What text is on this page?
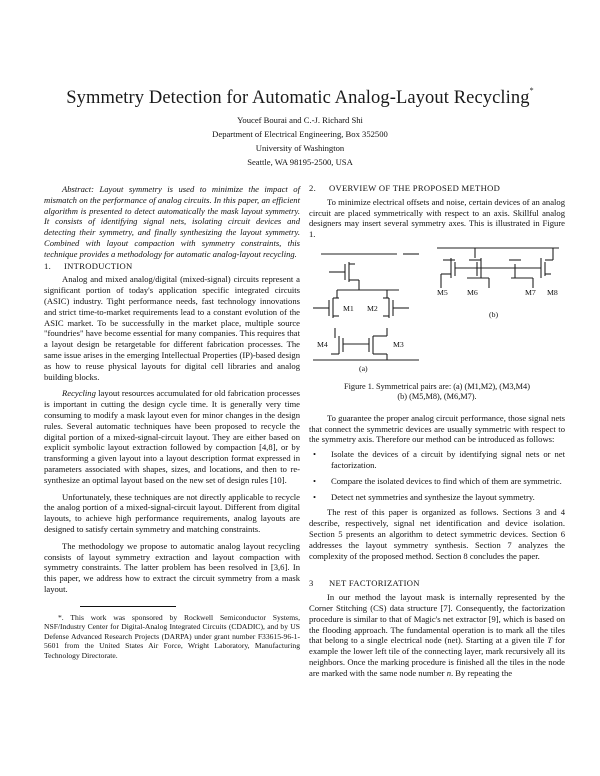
Symmetry Detection for Automatic Analog-Layout Recycling*
Youcef Bourai and C.-J. Richard Shi
Department of Electrical Engineering, Box 352500
University of Washington
Seattle, WA 98195-2500, USA

Abstract: Layout symmetry is used to minimize the impact of mismatch on the performance of analog circuits. In this paper, an efficient algorithm is presented to detect automatically the mask layout symmetry. It consists of identifying signal nets, isolating circuit devices and detecting their symmetry, and finally synthesizing the layout symmetry. Combined with layout compaction with symmetry constraints, this technique provides a methodology for automatic analog-layout recycling.

1. INTRODUCTION

Analog and mixed analog/digital (mixed-signal) circuits represent a significant portion of today's application specific integrated circuits (ASIC) industry. Tight performance needs, fast technology innovations and strict time-to-market requirements lead to a constant evolution of the ASIC market. To be successfully in the market place, multiple source "foundries" have become essential for many companies. This requires that a layout design be retargetable for different fabrication processes. The same issue arises in the emerging Intellectual Properties (IP)-based design as how to reuse physical layouts for digital cell libraries and analog building blocks.

Recycling layout resources accumulated for old fabrication processes is important in cutting the design cycle time. It is generally very time consuming to modify a mask layout even for minor changes in the design rules. Several automatic techniques have been proposed to recycle the digital portion of a mixed-signal-circuit layout. They are either based on explicit symbolic layout extraction followed by compaction [4,8], or by transforming a given layout into a layout description format expressed in parameters associated with shapes, sizes, and locations, and then to re-synthesize an optimal layout based on the new set of design rules [10].

Unfortunately, these techniques are not directly applicable to recycle the analog portion of a mixed-signal-circuit layout. Different from digital layouts, to achieve high performance requirements, analog layouts are designed to satisfy certain symmetry and matching constraints.

The methodology we propose to automatic analog layout recycling consists of layout symmetry extraction and layout compaction with symmetry constraints. The latter problem has been resolved in [3,6]. In this paper, we address how to extract the circuit symmetry from a mask layout.

*. This work was sponsored by Rockwell Semiconductor Systems, NSF/Industry Center for Digital-Analog Integrated Circuits (CDADIC), and by US Defense Advanced Research Projects (DARPA) under grant number F33615-96-1-5601 from the United States Air Force, Wright Laboratory, Manufacturing Technology Directorate.

2. OVERVIEW OF THE PROPOSED METHOD

To minimize electrical offsets and noise, certain devices of an analog circuit are placed symmetrically with respect to an axis. Skillful analog designers may insert several symmetry axes. This is illustrated in Figure 1.

M1 M2
M4	M3
(a)
M5 M6	M7 M8
(b)
Figure 1. Symmetrical pairs are: (a) (M1,M2), (M3,M4)
(b) (M5,M8), (M6,M7).

To guarantee the proper analog circuit performance, those signal nets that connect the symmetric devices are usually symmetric with respect to the symmetry axis. Therefore our method can be introduced as follows:

• Isolate the devices of a circuit by identifying signal nets or net factorization.
• Compare the isolated devices to find which of them are symmetric.
• Detect net symmetries and synthesize the layout symmetry.

The rest of this paper is organized as follows. Sections 3 and 4 describe, respectively, signal net identification and device isolation. Section 5 presents an algorithm to detect symmetric devices. Section 6 addresses the layout symmetry synthesis. Section 7 analyzes the complexity of the proposed method. Section 8 concludes the paper.

3 NET FACTORIZATION

In our method the layout mask is internally represented by the Corner Stitching (CS) data structure [7]. Consequently, the factorization procedure is similar to that of Magic's net extractor [9], which is based on the flooding approach. The fundamental operation is to mark all the tiles that belong to a single electrical node (net). Starting at a given tile T for example the lower left tile of the connecting layer, mark recursively all its neighbors. Once the marking procedure is finished all the tiles in the node are marked with the same node number n. By repeating the
